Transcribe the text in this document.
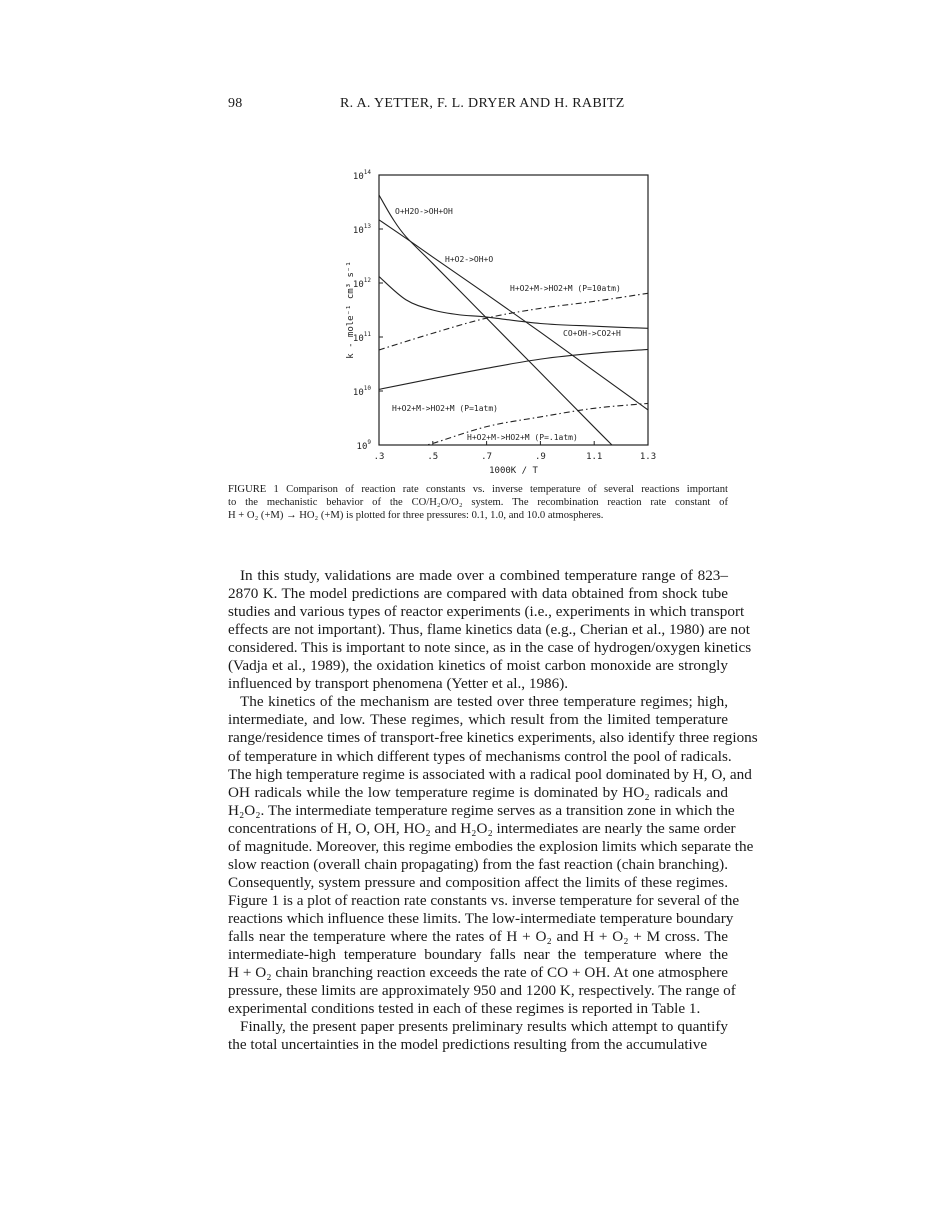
98	R. A. YETTER, F. L. DRYER AND H. RABITZ
.3	.5	.7	.9	1.1	1.3
1000K / T
$10^{14}$
$10^{13}$
$10^{12}$
$10^{11}$
$10^{10}$
$10^9$
k - mole⁻¹ cm³ s⁻¹
O+H2O->OH+OH
H+O2->OH+O
H+O2+M->HO2+M (P=10atm)
CO+OH->CO2+H
H+O2+M->HO2+M (P=1atm)
H+O2+M->HO2+M (P=.1atm)
FIGURE 1 Comparison of reaction rate constants vs. inverse temperature of several reactions important
to the mechanistic behavior of the CO/H₂O/O₂ system. The recombination reaction rate constant of
H + O₂ (+M) → HO₂ (+M) is plotted for three pressures: 0.1, 1.0, and 10.0 atmospheres.
In this study, validations are made over a combined temperature range of 823–
2870 K. The model predictions are compared with data obtained from shock tube
studies and various types of reactor experiments (i.e., experiments in which transport
effects are not important). Thus, flame kinetics data (e.g., Cherian et al., 1980) are not
considered. This is important to note since, as in the case of hydrogen/oxygen kinetics
(Vadja et al., 1989), the oxidation kinetics of moist carbon monoxide are strongly
influenced by transport phenomena (Yetter et al., 1986).
The kinetics of the mechanism are tested over three temperature regimes; high,
intermediate, and low. These regimes, which result from the limited temperature
range/residence times of transport-free kinetics experiments, also identify three regions
of temperature in which different types of mechanisms control the pool of radicals.
The high temperature regime is associated with a radical pool dominated by H, O, and
OH radicals while the low temperature regime is dominated by HO₂ radicals and
H₂O₂. The intermediate temperature regime serves as a transition zone in which the
concentrations of H, O, OH, HO₂ and H₂O₂ intermediates are nearly the same order
of magnitude. Moreover, this regime embodies the explosion limits which separate the
slow reaction (overall chain propagating) from the fast reaction (chain branching).
Consequently, system pressure and composition affect the limits of these regimes.
Figure 1 is a plot of reaction rate constants vs. inverse temperature for several of the
reactions which influence these limits. The low-intermediate temperature boundary
falls near the temperature where the rates of H + O₂ and H + O₂ + M cross. The
intermediate-high temperature boundary falls near the temperature where the
H + O₂ chain branching reaction exceeds the rate of CO + OH. At one atmosphere
pressure, these limits are approximately 950 and 1200 K, respectively. The range of
experimental conditions tested in each of these regimes is reported in Table 1.
Finally, the present paper presents preliminary results which attempt to quantify
the total uncertainties in the model predictions resulting from the accumulative
